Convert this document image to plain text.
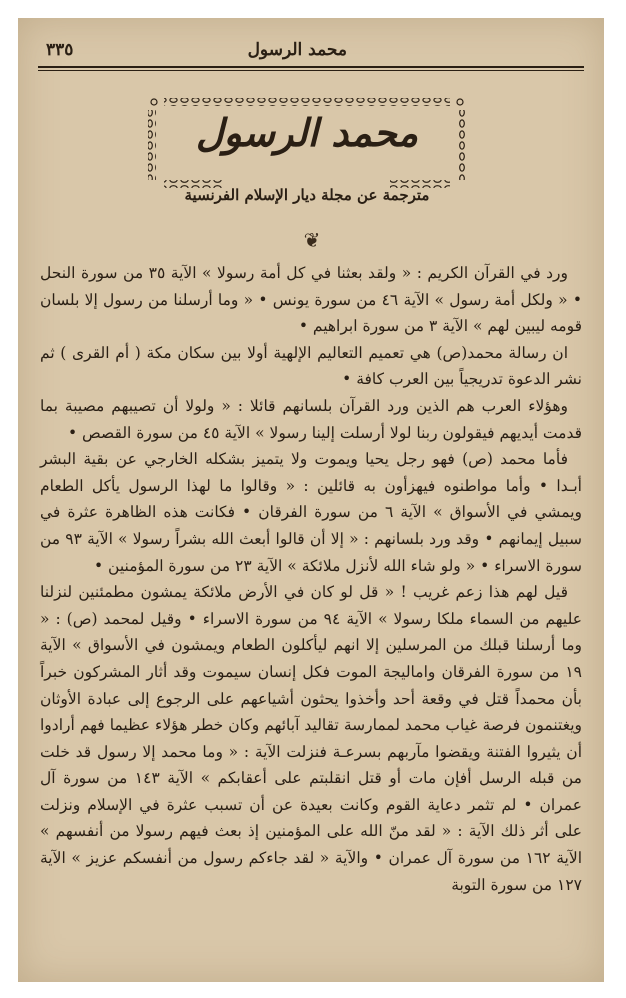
محمد الرسول
٣٣٥
محمد الرسول
مترجمة عن مجلة ديار الإسلام الفرنسية
❦

ورد في القرآن الكريم : « ولقد بعثنا في كل أمة رسولا » الآية ٣٥ من سورة النحل • « ولكل أمة رسول » الآية ٤٦ من سورة يونس • « وما أرسلنا من رسول إلا بلسان قومه ليبين لهم » الآية ٣ من سورة ابراهيم •

ان رسالة محمد(ص) هي تعميم التعاليم الإلهية أولا بين سكان مكة ( أم القرى ) ثم نشر الدعوة تدريجياً بين العرب كافة •

وهؤلاء العرب هم الذين ورد القرآن بلسانهم قائلا : « ولولا أن تصيبهم مصيبة بما قدمت أيديهم فيقولون ربنا لولا أرسلت إلينا رسولا » الآية ٤٥ من سورة القصص •

فأما محمد (ص) فهو رجل يحيا ويموت ولا يتميز بشكله الخارجي عن بقية البشر أبـدا • وأما مواطنوه فيهزأون به قائلين : « وقالوا ما لهذا الرسول يأكل الطعام ويمشي في الأسواق » الآية ٦ من سورة الفرقان • فكانت هذه الظاهرة عثرة في سبيل إيمانهم • وقد ورد بلسانهم : « إلا أن قالوا أبعث الله بشراً رسولا » الآية ٩٣ من سورة الاسراء • « ولو شاء الله لأنزل ملائكة » الآية ٢٣ من سورة المؤمنين •

قيل لهم هذا زعم غريب ! « قل لو كان في الأرض ملائكة يمشون مطمئنين لنزلنا عليهم من السماء ملكا رسولا » الآية ٩٤ من سورة الاسراء • وقيل لمحمد (ص) : « وما أرسلنا قبلك من المرسلين إلا انهم ليأكلون الطعام ويمشون في الأسواق » الآية ١٩ من سورة الفرقان واماليجة الموت فكل إنسان سيموت وقد أثار المشركون خبراً بأن محمداً قتل في وقعة أحد وأخذوا يحثون أشياعهم على الرجوع إلى عبادة الأوثان ويغتنمون فرصة غياب محمد لممارسة تقاليد آبائهم وكان خطر هؤلاء عظيما فهم أرادوا أن يثيروا الفتنة ويقضوا مآربهم بسرعـة فنزلت الآية : « وما محمد إلا رسول قد خلت من قبله الرسل أفإن مات أو قتل انقلبتم على أعقابكم » الآية ١٤٣ من سورة آل عمران • لم تثمر دعاية القوم وكانت بعيدة عن أن تسبب عثرة في الإسلام ونزلت على أثر ذلك الآية : « لقد منّ الله على المؤمنين إذ بعث فيهم رسولا من أنفسهم » الآية ١٦٢ من سورة آل عمران • والآية « لقد جاءكم رسول من أنفسكم عزيز » الآية ١٢٧ من سورة التوبة
